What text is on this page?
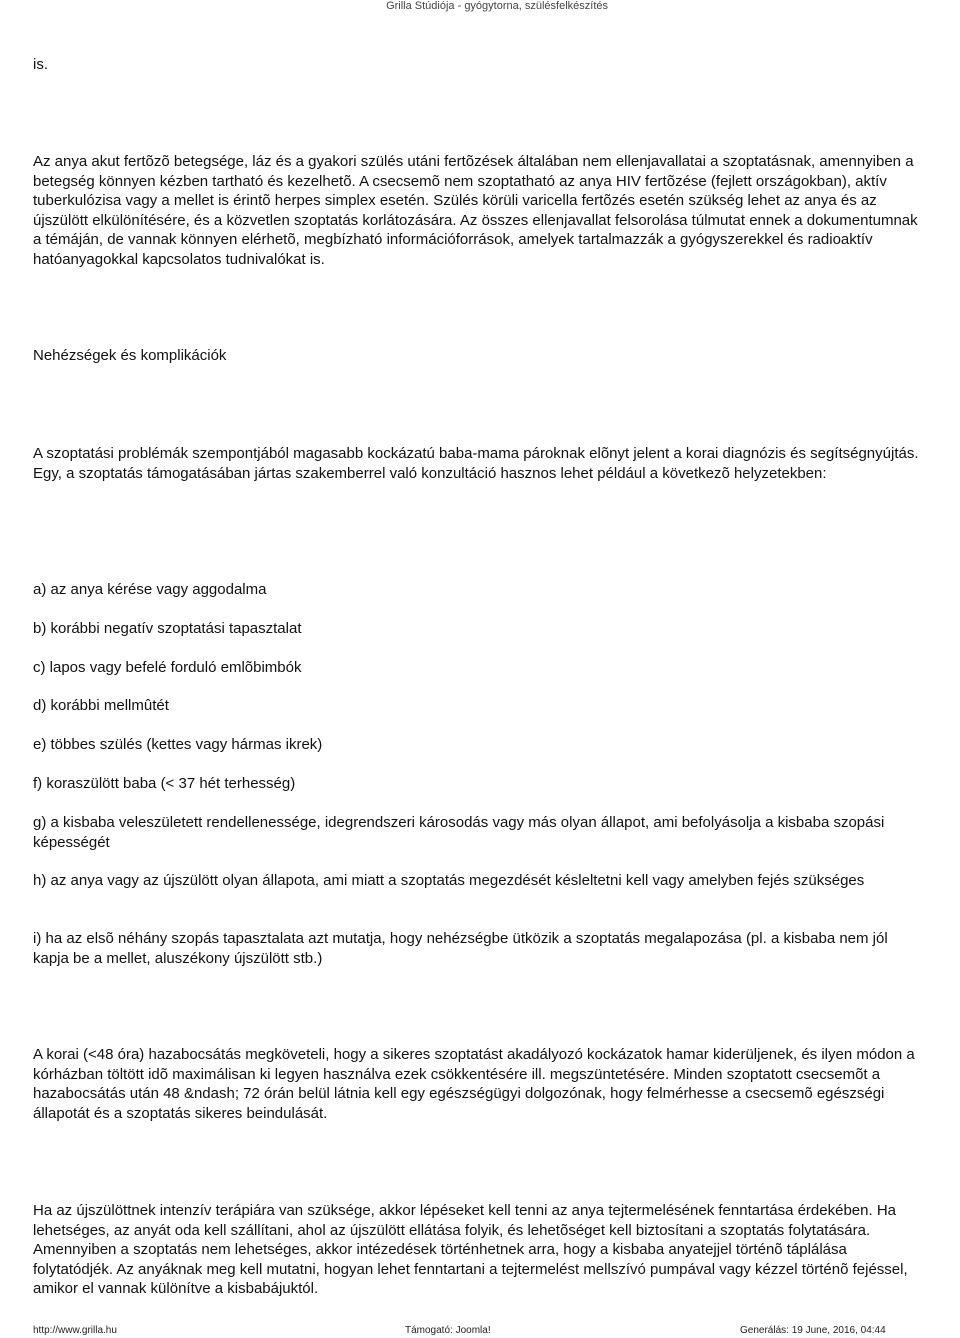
Grilla Stúdiója - gyógytorna, szülésfelkészítés

is.

Az anya akut fertõzõ betegsége, láz és a gyakori szülés utáni fertõzések általában nem ellenjavallatai a szoptatásnak, amennyiben a betegség könnyen kézben tartható és kezelhetõ. A csecsemõ nem szoptatható az anya HIV fertõzése (fejlett országokban), aktív tuberkulózisa vagy a mellet is érintõ herpes simplex esetén. Szülés körüli varicella fertõzés esetén szükség lehet az anya és az újszülött elkülönítésére, és a közvetlen szoptatás korlátozására. Az összes ellenjavallat felsorolása túlmutat ennek a dokumentumnak a témáján, de vannak könnyen elérhetõ, megbízható információforrások, amelyek tartalmazzák a gyógyszerekkel és radioaktív hatóanyagokkal kapcsolatos tudnivalókat is.

Nehézségek és komplikációk

A szoptatási problémák szempontjából magasabb kockázatú baba-mama pároknak elõnyt jelent a korai diagnózis és segítségnyújtás. Egy, a szoptatás támogatásában jártas szakemberrel való konzultáció hasznos lehet például a következõ helyzetekben:

a) az anya kérése vagy aggodalma

b) korábbi negatív szoptatási tapasztalat

c) lapos vagy befelé forduló emlõbimbók

d) korábbi mellmûtét

e) többes szülés (kettes vagy hármas ikrek)

f) koraszülött baba (< 37 hét terhesség)

g) a kisbaba veleszületett rendellenessége, idegrendszeri károsodás vagy más olyan állapot, ami befolyásolja a kisbaba szopási képességét

h) az anya vagy az újszülött olyan állapota, ami miatt a szoptatás megezdését késleltetni kell vagy amelyben fejés szükséges

i) ha az elsõ néhány szopás tapasztalata azt mutatja, hogy nehézségbe ütközik a szoptatás megalapozása (pl. a kisbaba nem jól kapja be a mellet, aluszékony újszülött stb.)

A korai (<48 óra) hazabocsátás megköveteli, hogy a sikeres szoptatást akadályozó kockázatok hamar kiderüljenek, és ilyen módon a kórházban töltött idõ maximálisan ki legyen használva ezek csökkentésére ill. megszüntetésére. Minden szoptatott csecsemõt a hazabocsátás után 48 &ndash; 72 órán belül látnia kell egy egészségügyi dolgozónak, hogy felmérhesse a csecsemõ egészségi állapotát és a szoptatás sikeres beindulását.

Ha az újszülöttnek intenzív terápiára van szüksége, akkor lépéseket kell tenni az anya tejtermelésének fenntartása érdekében. Ha lehetséges, az anyát oda kell szállítani, ahol az újszülött ellátása folyik, és lehetõséget kell biztosítani a szoptatás folytatására. Amennyiben a szoptatás nem lehetséges, akkor intézedések történhetnek arra, hogy a kisbaba anyatejjel történõ táplálása folytatódjék. Az anyáknak meg kell mutatni, hogyan lehet fenntartani a tejtermelést mellszívó pumpával vagy kézzel történõ fejéssel, amikor el vannak különítve a kisbabájuktól.

http://www.grilla.hu	Támogató: Joomla!	Generálás: 19 June, 2016, 04:44
